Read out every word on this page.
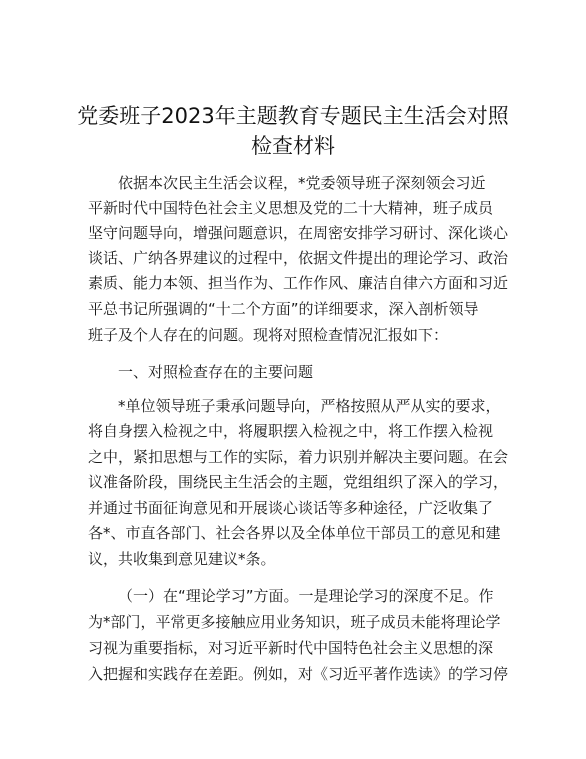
党委班子2023年主题教育专题民主生活会对照
检查材料

依据本次民主生活会议程，*党委领导班子深刻领会习近

平新时代中国特色社会主义思想及党的二十大精神，班子成员

坚守问题导向，增强问题意识，在周密安排学习研讨、深化谈心

谈话、广纳各界建议的过程中，依据文件提出的理论学习、政治

素质、能力本领、担当作为、工作作风、廉洁自律六方面和习近

平总书记所强调的“十二个方面”的详细要求，深入剖析领导

班子及个人存在的问题。现将对照检查情况汇报如下：

一、对照检查存在的主要问题

*单位领导班子秉承问题导向，严格按照从严从实的要求，

将自身摆入检视之中，将履职摆入检视之中，将工作摆入检视

之中，紧扣思想与工作的实际，着力识别并解决主要问题。在会

议准备阶段，围绕民主生活会的主题，党组组织了深入的学习，

并通过书面征询意见和开展谈心谈话等多种途径，广泛收集了

各*、市直各部门、社会各界以及全体单位干部员工的意见和建

议，共收集到意见建议*条。

（一）在“理论学习”方面。一是理论学习的深度不足。作

为*部门，平常更多接触应用业务知识，班子成员未能将理论学

习视为重要指标，对习近平新时代中国特色社会主义思想的深

入把握和实践存在差距。例如，对《习近平著作选读》的学习停
